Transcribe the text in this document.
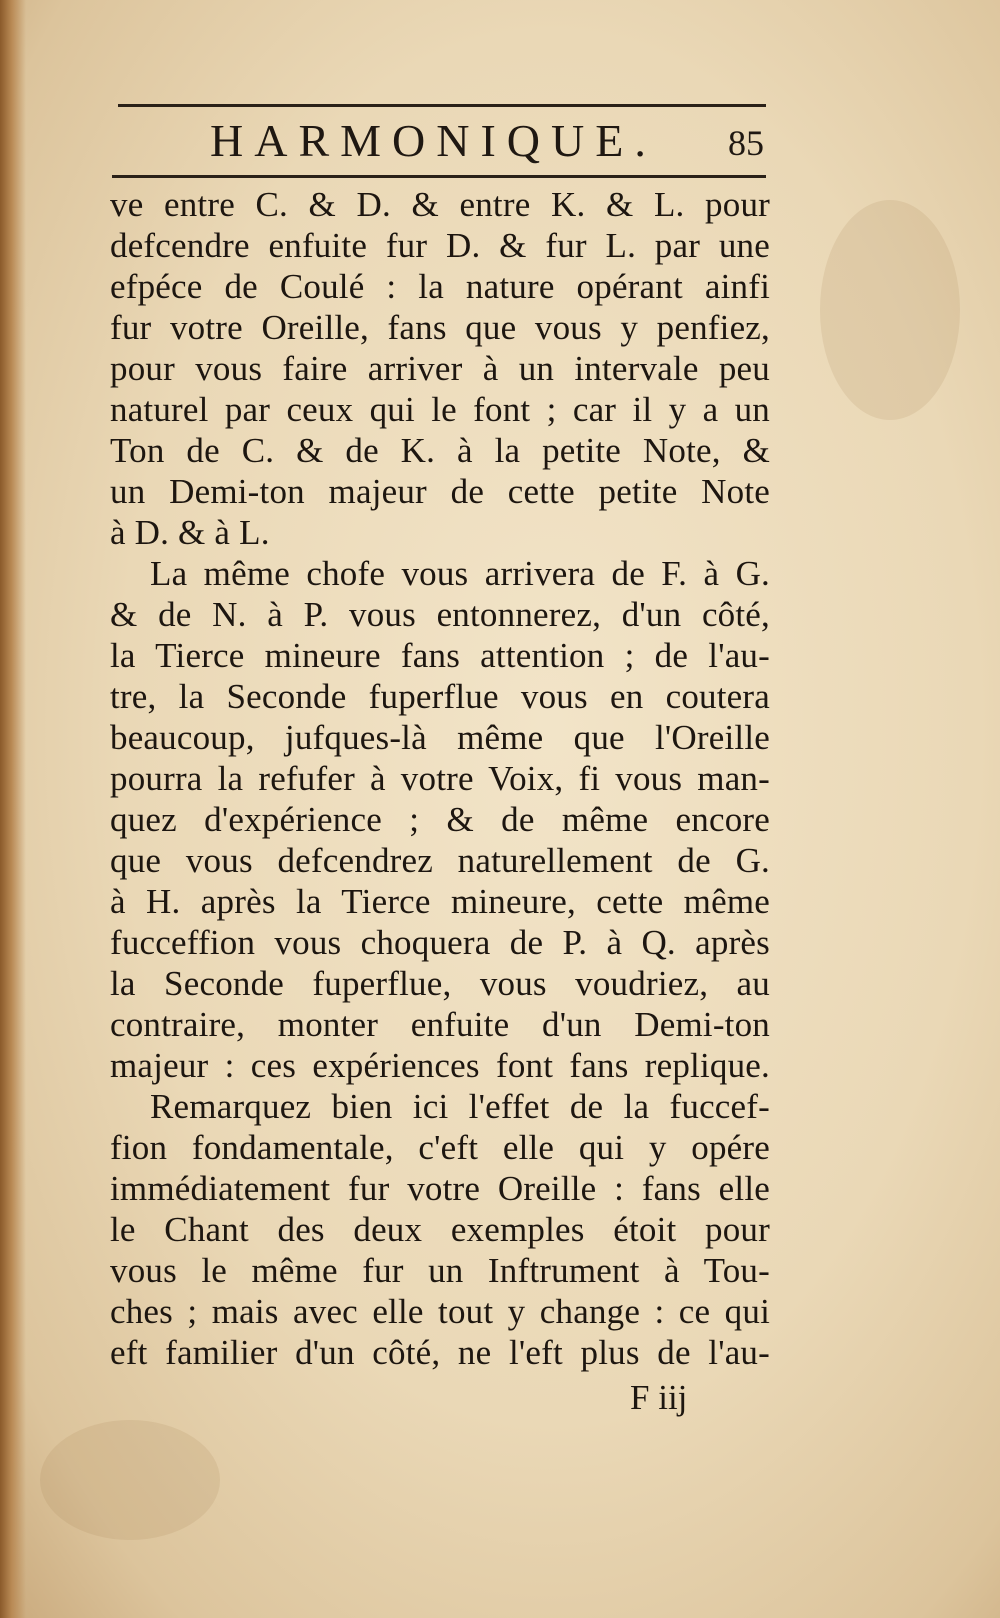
HARMONIQUE. 85
ve entre C. & D. & entre K. & L. pour
defcendre enfuite fur D. & fur L. par une
efpéce de Coulé : la nature opérant ainfi
fur votre Oreille, fans que vous y penfiez,
pour vous faire arriver à un intervale peu
naturel par ceux qui le font ; car il y a un
Ton de C. & de K. à la petite Note, &
un Demi-ton majeur de cette petite Note
à D. & à L.
La même chofe vous arrivera de F. à G.
& de N. à P. vous entonnerez, d'un côté,
la Tierce mineure fans attention ; de l'au-
tre, la Seconde fuperflue vous en coutera
beaucoup, jufques-là même que l'Oreille
pourra la refufer à votre Voix, fi vous man-
quez d'expérience ; & de même encore
que vous defcendrez naturellement de G.
à H. après la Tierce mineure, cette même
fucceffion vous choquera de P. à Q. après
la Seconde fuperflue, vous voudriez, au
contraire, monter enfuite d'un Demi-ton
majeur : ces expériences font fans replique.
Remarquez bien ici l'effet de la fuccef-
fion fondamentale, c'eft elle qui y opére
immédiatement fur votre Oreille : fans elle
le Chant des deux exemples étoit pour
vous le même fur un Inftrument à Tou-
ches ; mais avec elle tout y change : ce qui
eft familier d'un côté, ne l'eft plus de l'au-
F iij
